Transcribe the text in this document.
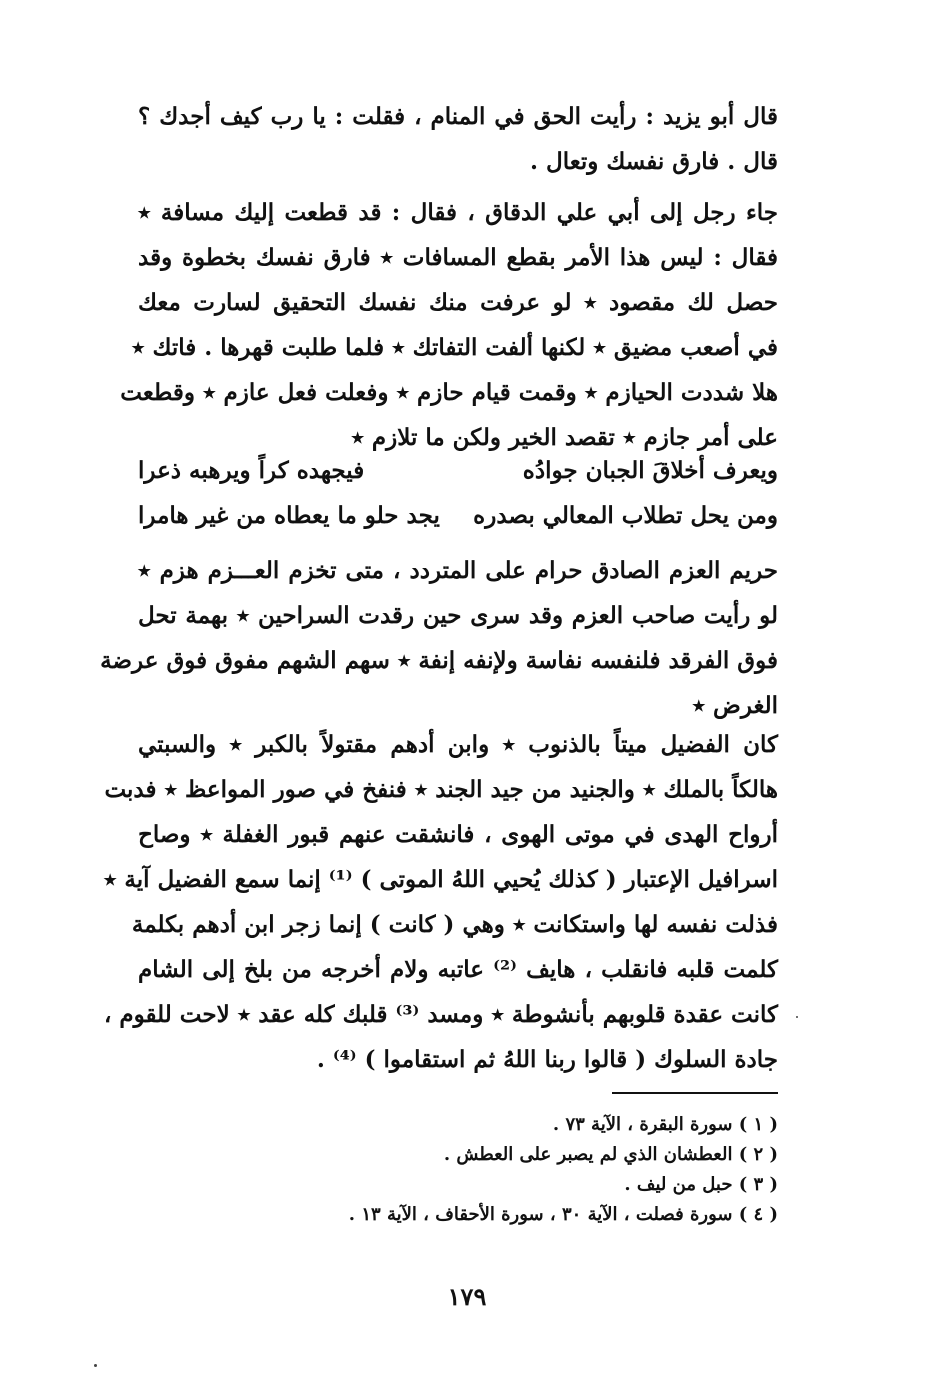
قال أبو يزيد : رأيت الحق في المنام ، فقلت : يا رب كيف أجدك ؟
قال . فارق نفسك وتعال .
جاء رجل إلى أبي علي الدقاق ، فقال : قد قطعت إليك مسافة ٭
فقال : ليس هذا الأمر بقطع المسافات ٭ فارق نفسك بخطوة وقد
حصل لك مقصود ٭ لو عرفت منك نفسك التحقيق لسارت معك
في أصعب مضيق ٭ لكنها ألفت التفاتك ٭ فلما طلبت قهرها . فاتك ٭
هلا شددت الحيازم ٭ وقمت قيام حازم ٭ وفعلت فعل عازم ٭ وقطعت
على أمر جازم ٭ تقصد الخير ولكن ما تلازم ٭
ويعرف أخلاقَ الجبان جوادُه
فيجهده كراً ويرهبه ذعرا
ومن يحل تطلاب المعالي بصدره
يجد حلو ما يعطاه من غير هامرا
حريم العزم الصادق حرام على المتردد ، متى تخزم العـــزم هزم ٭
لو رأيت صاحب العزم وقد سرى حين رقدت السراحين ٭ بهمة تحل
فوق الفرقد فلنفسه نفاسة ولإنفه إنفة ٭ سهم الشهم مفوق فوق عرضة
الغرض ٭
كان الفضيل ميتاً بالذنوب ٭ وابن أدهم مقتولاً بالكبر ٭ والسبتي
هالكاً بالملك ٭ والجنيد من جيد الجند ٭ فنفخ في صور المواعظ ٭ فدبت
أرواح الهدى في موتى الهوى ، فانشقت عنهم قبور الغفلة ٭ وصاح
اسرافيل الإعتبار ( كذلك يُحيي اللهُ الموتى ) ⁽¹⁾ إنما سمع الفضيل آية ٭
فذلت نفسه لها واستكانت ٭ وهي ( كانت ) إنما زجر ابن أدهم بكلمة
كلمت قلبه فانقلب ، هايف ⁽²⁾ عاتبه ولام أخرجه من بلخ إلى الشام
كانت عقدة قلوبهم بأنشوطة ٭ ومسد ⁽³⁾ قلبك كله عقد ٭ لاحت للقوم ،
جادة السلوك ( قالوا ربنا اللهُ ثم استقاموا ) ⁽⁴⁾ .
( ١ ) سورة البقرة ، الآية ٧٣ .
( ٢ ) العطشان الذي لم يصبر على العطش .
( ٣ ) حبل من ليف .
( ٤ ) سورة فصلت ، الآية ٣٠ ، سورة الأحقاف ، الآية ١٣ .
١٧٩
